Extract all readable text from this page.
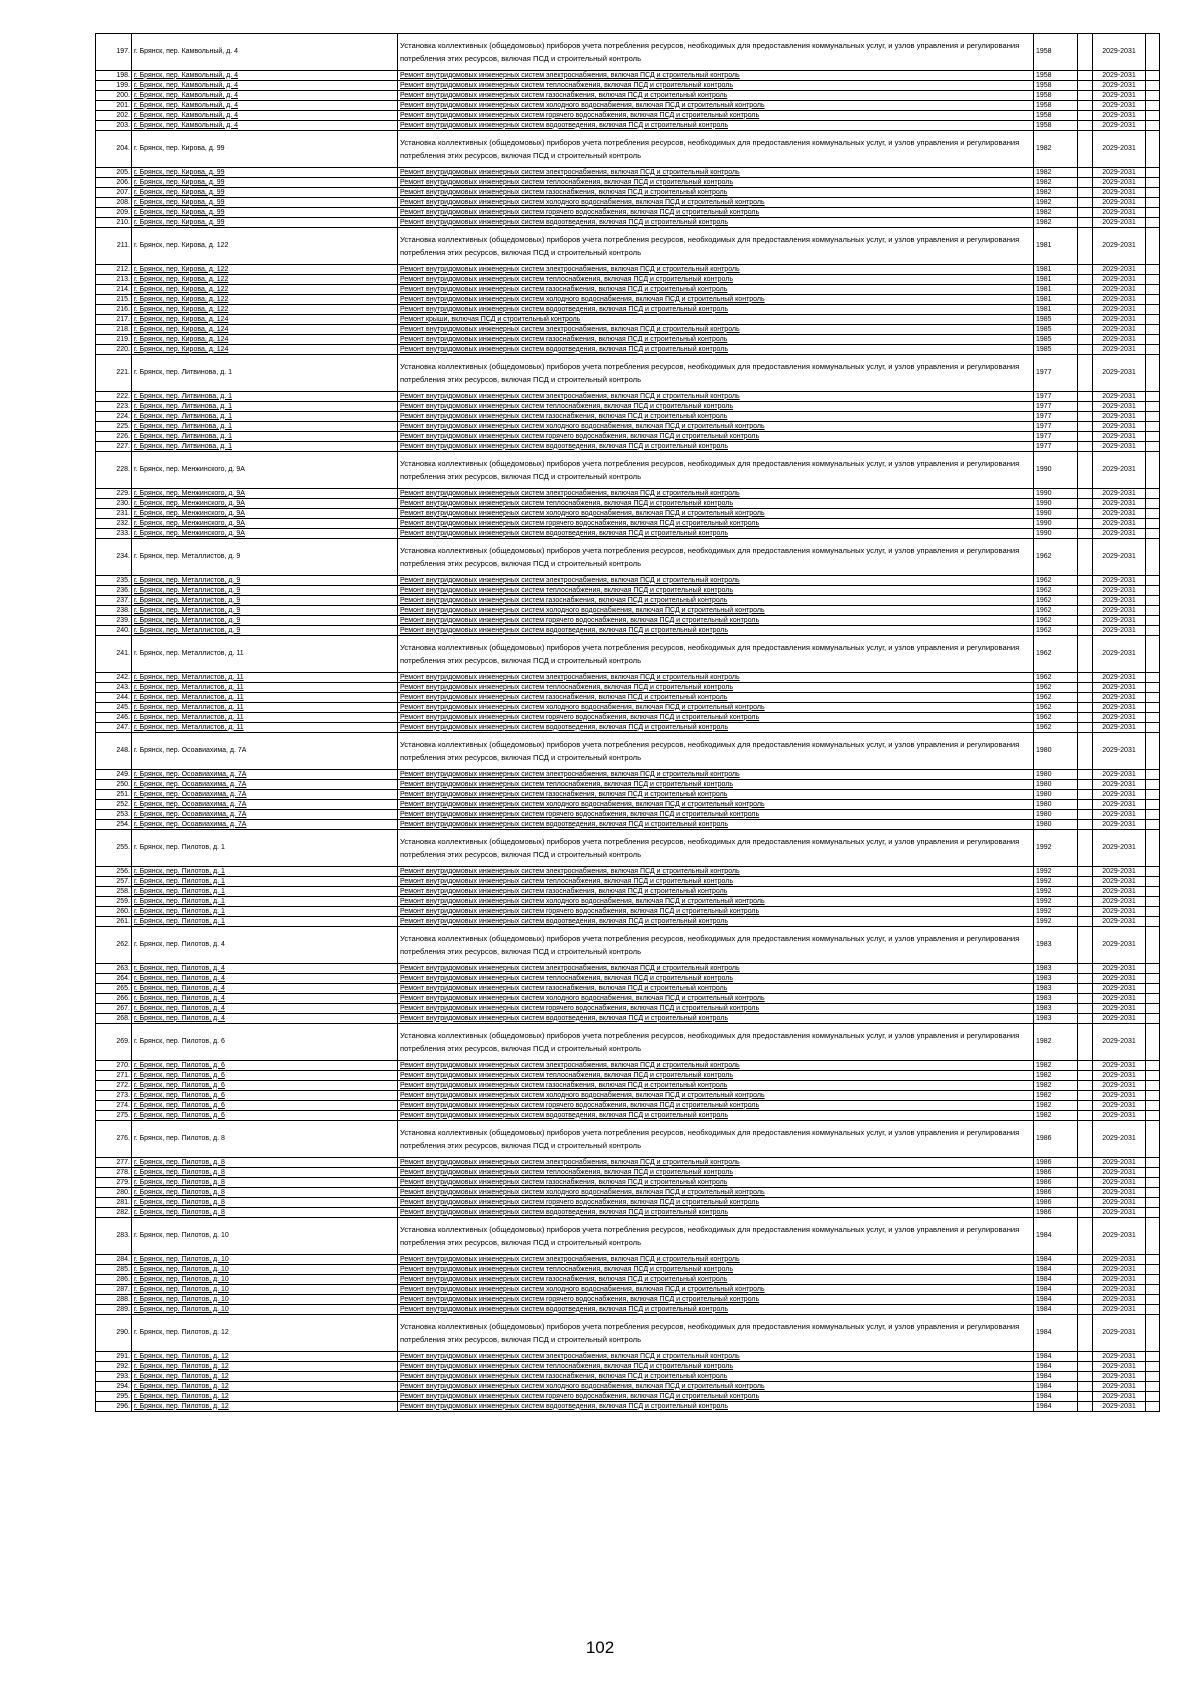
197.	г. Брянск, пер. Камвольный, д. 4	Установка коллективных (общедомовых) приборов учета потребления ресурсов, необходимых для предоставления коммунальных услуг, и узлов управления и регулирования потребления этих ресурсов, включая ПСД и строительный контроль	1958		2029-2031	
198.	г. Брянск, пер. Камвольный, д. 4	Ремонт внутридомовых инженерных систем электроснабжения, включая ПСД и строительный контроль	1958		2029-2031	
199.	г. Брянск, пер. Камвольный, д. 4	Ремонт внутридомовых инженерных систем теплоснабжения, включая ПСД и строительный контроль	1958		2029-2031	
200.	г. Брянск, пер. Камвольный, д. 4	Ремонт внутридомовых инженерных систем газоснабжения, включая ПСД и строительный контроль	1958		2029-2031	
201.	г. Брянск, пер. Камвольный, д. 4	Ремонт внутридомовых инженерных систем холодного водоснабжения, включая ПСД и строительный контроль	1958		2029-2031	
202.	г. Брянск, пер. Камвольный, д. 4	Ремонт внутридомовых инженерных систем горячего водоснабжения, включая ПСД и строительный контроль	1958		2029-2031	
203.	г. Брянск, пер. Камвольный, д. 4	Ремонт внутридомовых инженерных систем водоотведения, включая ПСД и строительный контроль	1958		2029-2031	
204.	г. Брянск, пер. Кирова, д. 99	Установка коллективных (общедомовых) приборов учета потребления ресурсов, необходимых для предоставления коммунальных услуг, и узлов управления и регулирования потребления этих ресурсов, включая ПСД и строительный контроль	1982		2029-2031	
205.	г. Брянск, пер. Кирова, д. 99	Ремонт внутридомовых инженерных систем электроснабжения, включая ПСД и строительный контроль	1982		2029-2031	
206.	г. Брянск, пер. Кирова, д. 99	Ремонт внутридомовых инженерных систем теплоснабжения, включая ПСД и строительный контроль	1982		2029-2031	
207.	г. Брянск, пер. Кирова, д. 99	Ремонт внутридомовых инженерных систем газоснабжения, включая ПСД и строительный контроль	1982		2029-2031	
208.	г. Брянск, пер. Кирова, д. 99	Ремонт внутридомовых инженерных систем холодного водоснабжения, включая ПСД и строительный контроль	1982		2029-2031	
209.	г. Брянск, пер. Кирова, д. 99	Ремонт внутридомовых инженерных систем горячего водоснабжения, включая ПСД и строительный контроль	1982		2029-2031	
210.	г. Брянск, пер. Кирова, д. 99	Ремонт внутридомовых инженерных систем водоотведения, включая ПСД и строительный контроль	1982		2029-2031	
211.	г. Брянск, пер. Кирова, д. 122	Установка коллективных (общедомовых) приборов учета потребления ресурсов, необходимых для предоставления коммунальных услуг, и узлов управления и регулирования потребления этих ресурсов, включая ПСД и строительный контроль	1981		2029-2031	
212.	г. Брянск, пер. Кирова, д. 122	Ремонт внутридомовых инженерных систем электроснабжения, включая ПСД и строительный контроль	1981		2029-2031	
213.	г. Брянск, пер. Кирова, д. 122	Ремонт внутридомовых инженерных систем теплоснабжения, включая ПСД и строительный контроль	1981		2029-2031	
214.	г. Брянск, пер. Кирова, д. 122	Ремонт внутридомовых инженерных систем газоснабжения, включая ПСД и строительный контроль	1981		2029-2031	
215.	г. Брянск, пер. Кирова, д. 122	Ремонт внутридомовых инженерных систем холодного водоснабжения, включая ПСД и строительный контроль	1981		2029-2031	
216.	г. Брянск, пер. Кирова, д. 122	Ремонт внутридомовых инженерных систем водоотведения, включая ПСД и строительный контроль	1981		2029-2031	
217.	г. Брянск, пер. Кирова, д. 124	Ремонт крыши, включая ПСД и строительный контроль	1985		2029-2031	
218.	г. Брянск, пер. Кирова, д. 124	Ремонт внутридомовых инженерных систем электроснабжения, включая ПСД и строительный контроль	1985		2029-2031	
219.	г. Брянск, пер. Кирова, д. 124	Ремонт внутридомовых инженерных систем газоснабжения, включая ПСД и строительный контроль	1985		2029-2031	
220.	г. Брянск, пер. Кирова, д. 124	Ремонт внутридомовых инженерных систем водоотведения, включая ПСД и строительный контроль	1985		2029-2031	
221.	г. Брянск, пер. Литвинова, д. 1	Установка коллективных (общедомовых) приборов учета потребления ресурсов, необходимых для предоставления коммунальных услуг, и узлов управления и регулирования потребления этих ресурсов, включая ПСД и строительный контроль	1977		2029-2031	
222.	г. Брянск, пер. Литвинова, д. 1	Ремонт внутридомовых инженерных систем электроснабжения, включая ПСД и строительный контроль	1977		2029-2031	
223.	г. Брянск, пер. Литвинова, д. 1	Ремонт внутридомовых инженерных систем теплоснабжения, включая ПСД и строительный контроль	1977		2029-2031	
224.	г. Брянск, пер. Литвинова, д. 1	Ремонт внутридомовых инженерных систем газоснабжения, включая ПСД и строительный контроль	1977		2029-2031	
225.	г. Брянск, пер. Литвинова, д. 1	Ремонт внутридомовых инженерных систем холодного водоснабжения, включая ПСД и строительный контроль	1977		2029-2031	
226.	г. Брянск, пер. Литвинова, д. 1	Ремонт внутридомовых инженерных систем горячего водоснабжения, включая ПСД и строительный контроль	1977		2029-2031	
227.	г. Брянск, пер. Литвинова, д. 1	Ремонт внутридомовых инженерных систем водоотведения, включая ПСД и строительный контроль	1977		2029-2031	
228.	г. Брянск, пер. Менжинского, д. 9А	Установка коллективных (общедомовых) приборов учета потребления ресурсов, необходимых для предоставления коммунальных услуг, и узлов управления и регулирования потребления этих ресурсов, включая ПСД и строительный контроль	1990		2029-2031	
229.	г. Брянск, пер. Менжинского, д. 9А	Ремонт внутридомовых инженерных систем электроснабжения, включая ПСД и строительный контроль	1990		2029-2031	
230.	г. Брянск, пер. Менжинского, д. 9А	Ремонт внутридомовых инженерных систем теплоснабжения, включая ПСД и строительный контроль	1990		2029-2031	
231.	г. Брянск, пер. Менжинского, д. 9А	Ремонт внутридомовых инженерных систем холодного водоснабжения, включая ПСД и строительный контроль	1990		2029-2031	
232.	г. Брянск, пер. Менжинского, д. 9А	Ремонт внутридомовых инженерных систем горячего водоснабжения, включая ПСД и строительный контроль	1990		2029-2031	
233.	г. Брянск, пер. Менжинского, д. 9А	Ремонт внутридомовых инженерных систем водоотведения, включая ПСД и строительный контроль	1990		2029-2031	
234.	г. Брянск, пер. Металлистов, д. 9	Установка коллективных (общедомовых) приборов учета потребления ресурсов, необходимых для предоставления коммунальных услуг, и узлов управления и регулирования потребления этих ресурсов, включая ПСД и строительный контроль	1962		2029-2031	
235.	г. Брянск, пер. Металлистов, д. 9	Ремонт внутридомовых инженерных систем электроснабжения, включая ПСД и строительный контроль	1962		2029-2031	
236.	г. Брянск, пер. Металлистов, д. 9	Ремонт внутридомовых инженерных систем теплоснабжения, включая ПСД и строительный контроль	1962		2029-2031	
237.	г. Брянск, пер. Металлистов, д. 9	Ремонт внутридомовых инженерных систем газоснабжения, включая ПСД и строительный контроль	1962		2029-2031	
238.	г. Брянск, пер. Металлистов, д. 9	Ремонт внутридомовых инженерных систем холодного водоснабжения, включая ПСД и строительный контроль	1962		2029-2031	
239.	г. Брянск, пер. Металлистов, д. 9	Ремонт внутридомовых инженерных систем горячего водоснабжения, включая ПСД и строительный контроль	1962		2029-2031	
240.	г. Брянск, пер. Металлистов, д. 9	Ремонт внутридомовых инженерных систем водоотведения, включая ПСД и строительный контроль	1962		2029-2031	
241.	г. Брянск, пер. Металлистов, д. 11	Установка коллективных (общедомовых) приборов учета потребления ресурсов, необходимых для предоставления коммунальных услуг, и узлов управления и регулирования потребления этих ресурсов, включая ПСД и строительный контроль	1962		2029-2031	
242.	г. Брянск, пер. Металлистов, д. 11	Ремонт внутридомовых инженерных систем электроснабжения, включая ПСД и строительный контроль	1962		2029-2031	
243.	г. Брянск, пер. Металлистов, д. 11	Ремонт внутридомовых инженерных систем теплоснабжения, включая ПСД и строительный контроль	1962		2029-2031	
244.	г. Брянск, пер. Металлистов, д. 11	Ремонт внутридомовых инженерных систем газоснабжения, включая ПСД и строительный контроль	1962		2029-2031	
245.	г. Брянск, пер. Металлистов, д. 11	Ремонт внутридомовых инженерных систем холодного водоснабжения, включая ПСД и строительный контроль	1962		2029-2031	
246.	г. Брянск, пер. Металлистов, д. 11	Ремонт внутридомовых инженерных систем горячего водоснабжения, включая ПСД и строительный контроль	1962		2029-2031	
247.	г. Брянск, пер. Металлистов, д. 11	Ремонт внутридомовых инженерных систем водоотведения, включая ПСД и строительный контроль	1962		2029-2031	
248.	г. Брянск, пер. Осоавиахима, д. 7А	Установка коллективных (общедомовых) приборов учета потребления ресурсов, необходимых для предоставления коммунальных услуг, и узлов управления и регулирования потребления этих ресурсов, включая ПСД и строительный контроль	1980		2029-2031	
249.	г. Брянск, пер. Осоавиахима, д. 7А	Ремонт внутридомовых инженерных систем электроснабжения, включая ПСД и строительный контроль	1980		2029-2031	
250.	г. Брянск, пер. Осоавиахима, д. 7А	Ремонт внутридомовых инженерных систем теплоснабжения, включая ПСД и строительный контроль	1980		2029-2031	
251.	г. Брянск, пер. Осоавиахима, д. 7А	Ремонт внутридомовых инженерных систем газоснабжения, включая ПСД и строительный контроль	1980		2029-2031	
252.	г. Брянск, пер. Осоавиахима, д. 7А	Ремонт внутридомовых инженерных систем холодного водоснабжения, включая ПСД и строительный контроль	1980		2029-2031	
253.	г. Брянск, пер. Осоавиахима, д. 7А	Ремонт внутридомовых инженерных систем горячего водоснабжения, включая ПСД и строительный контроль	1980		2029-2031	
254.	г. Брянск, пер. Осоавиахима, д. 7А	Ремонт внутридомовых инженерных систем водоотведения, включая ПСД и строительный контроль	1980		2029-2031	
255.	г. Брянск, пер. Пилотов, д. 1	Установка коллективных (общедомовых) приборов учета потребления ресурсов, необходимых для предоставления коммунальных услуг, и узлов управления и регулирования потребления этих ресурсов, включая ПСД и строительный контроль	1992		2029-2031	
256.	г. Брянск, пер. Пилотов, д. 1	Ремонт внутридомовых инженерных систем электроснабжения, включая ПСД и строительный контроль	1992		2029-2031	
257.	г. Брянск, пер. Пилотов, д. 1	Ремонт внутридомовых инженерных систем теплоснабжения, включая ПСД и строительный контроль	1992		2029-2031	
258.	г. Брянск, пер. Пилотов, д. 1	Ремонт внутридомовых инженерных систем газоснабжения, включая ПСД и строительный контроль	1992		2029-2031	
259.	г. Брянск, пер. Пилотов, д. 1	Ремонт внутридомовых инженерных систем холодного водоснабжения, включая ПСД и строительный контроль	1992		2029-2031	
260.	г. Брянск, пер. Пилотов, д. 1	Ремонт внутридомовых инженерных систем горячего водоснабжения, включая ПСД и строительный контроль	1992		2029-2031	
261.	г. Брянск, пер. Пилотов, д. 1	Ремонт внутридомовых инженерных систем водоотведения, включая ПСД и строительный контроль	1992		2029-2031	
262.	г. Брянск, пер. Пилотов, д. 4	Установка коллективных (общедомовых) приборов учета потребления ресурсов, необходимых для предоставления коммунальных услуг, и узлов управления и регулирования потребления этих ресурсов, включая ПСД и строительный контроль	1983		2029-2031	
263.	г. Брянск, пер. Пилотов, д. 4	Ремонт внутридомовых инженерных систем электроснабжения, включая ПСД и строительный контроль	1983		2029-2031	
264.	г. Брянск, пер. Пилотов, д. 4	Ремонт внутридомовых инженерных систем теплоснабжения, включая ПСД и строительный контроль	1983		2029-2031	
265.	г. Брянск, пер. Пилотов, д. 4	Ремонт внутридомовых инженерных систем газоснабжения, включая ПСД и строительный контроль	1983		2029-2031	
266.	г. Брянск, пер. Пилотов, д. 4	Ремонт внутридомовых инженерных систем холодного водоснабжения, включая ПСД и строительный контроль	1983		2029-2031	
267.	г. Брянск, пер. Пилотов, д. 4	Ремонт внутридомовых инженерных систем горячего водоснабжения, включая ПСД и строительный контроль	1983		2029-2031	
268.	г. Брянск, пер. Пилотов, д. 4	Ремонт внутридомовых инженерных систем водоотведения, включая ПСД и строительный контроль	1983		2029-2031	
269.	г. Брянск, пер. Пилотов, д. 6	Установка коллективных (общедомовых) приборов учета потребления ресурсов, необходимых для предоставления коммунальных услуг, и узлов управления и регулирования потребления этих ресурсов, включая ПСД и строительный контроль	1982		2029-2031	
270.	г. Брянск, пер. Пилотов, д. 6	Ремонт внутридомовых инженерных систем электроснабжения, включая ПСД и строительный контроль	1982		2029-2031	
271.	г. Брянск, пер. Пилотов, д. 6	Ремонт внутридомовых инженерных систем теплоснабжения, включая ПСД и строительный контроль	1982		2029-2031	
272.	г. Брянск, пер. Пилотов, д. 6	Ремонт внутридомовых инженерных систем газоснабжения, включая ПСД и строительный контроль	1982		2029-2031	
273.	г. Брянск, пер. Пилотов, д. 6	Ремонт внутридомовых инженерных систем холодного водоснабжения, включая ПСД и строительный контроль	1982		2029-2031	
274.	г. Брянск, пер. Пилотов, д. 6	Ремонт внутридомовых инженерных систем горячего водоснабжения, включая ПСД и строительный контроль	1982		2029-2031	
275.	г. Брянск, пер. Пилотов, д. 6	Ремонт внутридомовых инженерных систем водоотведения, включая ПСД и строительный контроль	1982		2029-2031	
276.	г. Брянск, пер. Пилотов, д. 8	Установка коллективных (общедомовых) приборов учета потребления ресурсов, необходимых для предоставления коммунальных услуг, и узлов управления и регулирования потребления этих ресурсов, включая ПСД и строительный контроль	1986		2029-2031	
277.	г. Брянск, пер. Пилотов, д. 8	Ремонт внутридомовых инженерных систем электроснабжения, включая ПСД и строительный контроль	1986		2029-2031	
278.	г. Брянск, пер. Пилотов, д. 8	Ремонт внутридомовых инженерных систем теплоснабжения, включая ПСД и строительный контроль	1986		2029-2031	
279.	г. Брянск, пер. Пилотов, д. 8	Ремонт внутридомовых инженерных систем газоснабжения, включая ПСД и строительный контроль	1986		2029-2031	
280.	г. Брянск, пер. Пилотов, д. 8	Ремонт внутридомовых инженерных систем холодного водоснабжения, включая ПСД и строительный контроль	1986		2029-2031	
281.	г. Брянск, пер. Пилотов, д. 8	Ремонт внутридомовых инженерных систем горячего водоснабжения, включая ПСД и строительный контроль	1986		2029-2031	
282.	г. Брянск, пер. Пилотов, д. 8	Ремонт внутридомовых инженерных систем водоотведения, включая ПСД и строительный контроль	1986		2029-2031	
283.	г. Брянск, пер. Пилотов, д. 10	Установка коллективных (общедомовых) приборов учета потребления ресурсов, необходимых для предоставления коммунальных услуг, и узлов управления и регулирования потребления этих ресурсов, включая ПСД и строительный контроль	1984		2029-2031	
284.	г. Брянск, пер. Пилотов, д. 10	Ремонт внутридомовых инженерных систем электроснабжения, включая ПСД и строительный контроль	1984		2029-2031	
285.	г. Брянск, пер. Пилотов, д. 10	Ремонт внутридомовых инженерных систем теплоснабжения, включая ПСД и строительный контроль	1984		2029-2031	
286.	г. Брянск, пер. Пилотов, д. 10	Ремонт внутридомовых инженерных систем газоснабжения, включая ПСД и строительный контроль	1984		2029-2031	
287.	г. Брянск, пер. Пилотов, д. 10	Ремонт внутридомовых инженерных систем холодного водоснабжения, включая ПСД и строительный контроль	1984		2029-2031	
288.	г. Брянск, пер. Пилотов, д. 10	Ремонт внутридомовых инженерных систем горячего водоснабжения, включая ПСД и строительный контроль	1984		2029-2031	
289.	г. Брянск, пер. Пилотов, д. 10	Ремонт внутридомовых инженерных систем водоотведения, включая ПСД и строительный контроль	1984		2029-2031	
290.	г. Брянск, пер. Пилотов, д. 12	Установка коллективных (общедомовых) приборов учета потребления ресурсов, необходимых для предоставления коммунальных услуг, и узлов управления и регулирования потребления этих ресурсов, включая ПСД и строительный контроль	1984		2029-2031	
291.	г. Брянск, пер. Пилотов, д. 12	Ремонт внутридомовых инженерных систем электроснабжения, включая ПСД и строительный контроль	1984		2029-2031	
292.	г. Брянск, пер. Пилотов, д. 12	Ремонт внутридомовых инженерных систем теплоснабжения, включая ПСД и строительный контроль	1984		2029-2031	
293.	г. Брянск, пер. Пилотов, д. 12	Ремонт внутридомовых инженерных систем газоснабжения, включая ПСД и строительный контроль	1984		2029-2031	
294.	г. Брянск, пер. Пилотов, д. 12	Ремонт внутридомовых инженерных систем холодного водоснабжения, включая ПСД и строительный контроль	1984		2029-2031	
295.	г. Брянск, пер. Пилотов, д. 12	Ремонт внутридомовых инженерных систем горячего водоснабжения, включая ПСД и строительный контроль	1984		2029-2031	
296.	г. Брянск, пер. Пилотов, д. 12	Ремонт внутридомовых инженерных систем водоотведения, включая ПСД и строительный контроль	1984		2029-2031	
102
